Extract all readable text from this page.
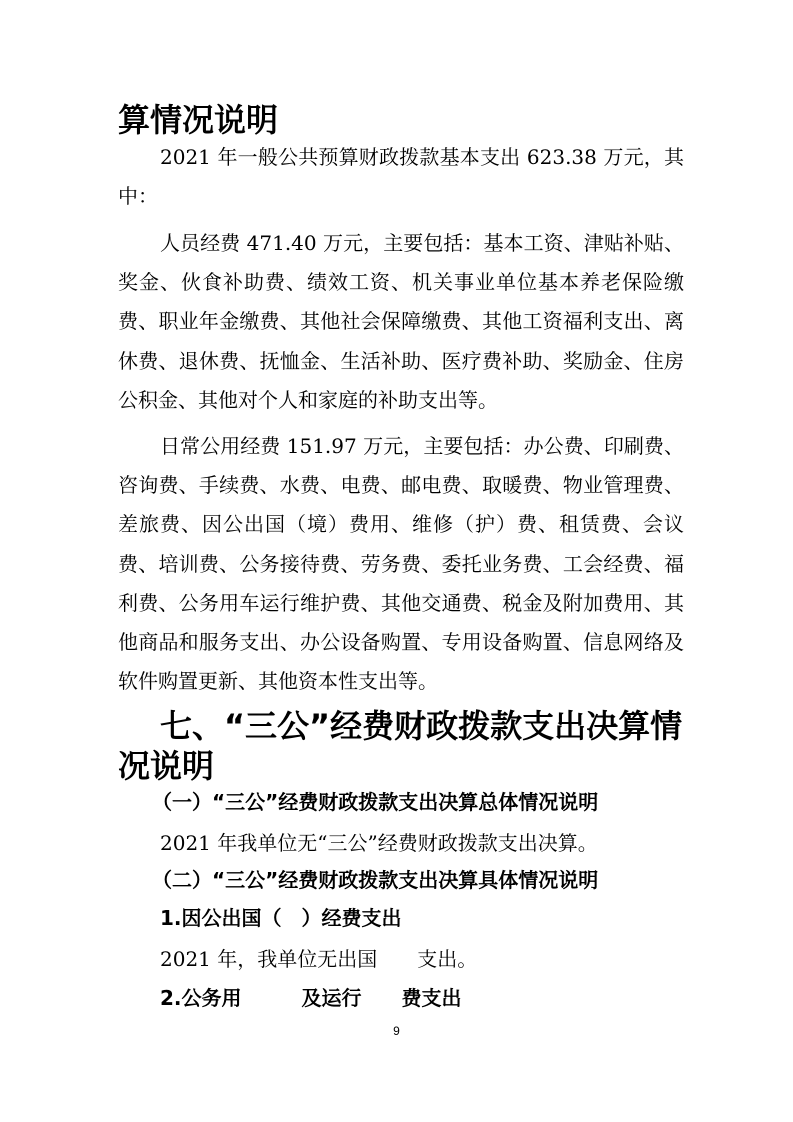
算情况说明

2021 年一般公共预算财政拨款基本支出 623.38 万元，其中：

人员经费 471.40 万元，主要包括：基本工资、津贴补贴、奖金、伙食补助费、绩效工资、机关事业单位基本养老保险缴费、职业年金缴费、其他社会保障缴费、其他工资福利支出、离休费、退休费、抚恤金、生活补助、医疗费补助、奖励金、住房公积金、其他对个人和家庭的补助支出等。

日常公用经费 151.97 万元，主要包括：办公费、印刷费、咨询费、手续费、水费、电费、邮电费、取暖费、物业管理费、差旅费、因公出国（境）费用、维修（护）费、租赁费、会议费、培训费、公务接待费、劳务费、委托业务费、工会经费、福利费、公务用车运行维护费、其他交通费、税金及附加费用、其他商品和服务支出、办公设备购置、专用设备购置、信息网络及软件购置更新、其他资本性支出等。

七、“三公”经费财政拨款支出决算情
况说明
（一）“三公”经费财政拨款支出决算总体情况说明

2021 年我单位无“三公”经费财政拨款支出决算。

（二）“三公”经费财政拨款支出决算具体情况说明
1.因公出国（　）经费支出

2021 年，我单位无出国　　支出。

2.公务用　　　及运行　　费支出
9
